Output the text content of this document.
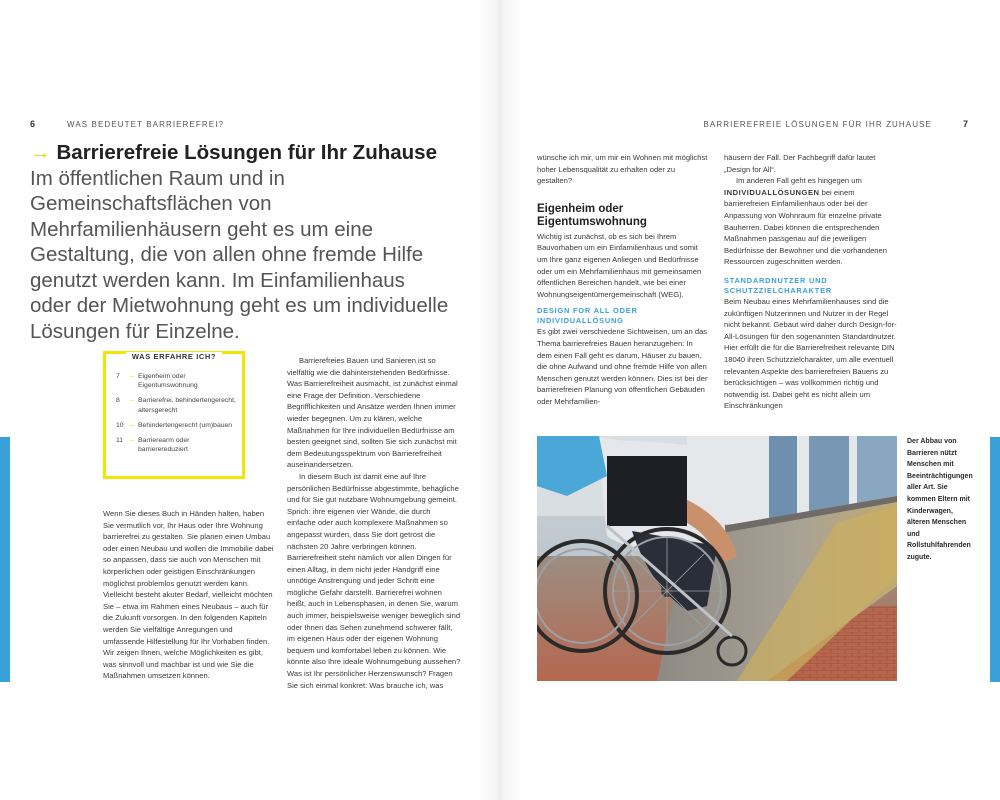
6	WAS BEDEUTET BARRIEREFREI?	BARRIEREFREIE LÖSUNGEN FÜR IHR ZUHAUSE	7
→ Barrierefreie Lösungen für Ihr Zuhause Im öffentlichen Raum und in Gemeinschaftsflächen von Mehrfamilienhäusern geht es um eine Gestaltung, die von allen ohne fremde Hilfe genutzt werden kann. Im Einfamilienhaus oder der Mietwohnung geht es um individuelle Lösungen für Einzelne.
WAS ERFAHRE ICH?
7	→ Eigenheim oder Eigentumswohnung
8	→ Barrierefrei, behindertengerecht, altersgerecht
10 → Behindertengerecht (um)bauen
11 → Barrierearm oder barrierereduziert

Wenn Sie dieses Buch in Händen halten, haben Sie vermutlich vor, Ihr Haus oder Ihre Wohnung barrierefrei zu gestalten. Sie planen einen Umbau oder einen Neubau und wollen die Immobilie dabei so anpassen, dass sie auch von Menschen mit körperlichen oder geistigen Einschränkungen möglichst problemlos genutzt werden kann. Vielleicht besteht akuter Bedarf, vielleicht möchten Sie – etwa im Rahmen eines Neubaus – auch für die Zukunft vorsorgen. In den folgenden Kapiteln werden Sie vielfältige Anregungen und umfassende Hilfestellung für Ihr Vorhaben finden. Wir zeigen Ihnen, welche Möglichkeiten es gibt, was sinnvoll und machbar ist und wie Sie die Maßnahmen umsetzen können.

Barrierefreies Bauen und Sanieren ist so vielfältig wie die dahinterstehenden Bedürfnisse. Was Barrierefreiheit ausmacht, ist zunächst einmal eine Frage der Definition. Verschiedene Begrifflichkeiten und Ansätze werden Ihnen immer wieder begegnen. Um zu klären, welche Maßnahmen für Ihre individuellen Bedürfnisse am besten geeignet sind, sollten Sie sich zunächst mit dem Bedeutungsspektrum von Barrierefreiheit auseinandersetzen.

In diesem Buch ist damit eine auf Ihre persönlichen Bedürfnisse abgestimmte, behagliche und für Sie gut nutzbare Wohnumgebung gemeint. Sprich: ihre eigenen vier Wände, die durch einfache oder auch komplexere Maßnahmen so angepasst wurden, dass Sie dort getrost die nächsten 20 Jahre verbringen können. Barrierefreiheit steht nämlich vor allen Dingen für einen Alltag, in dem nicht jeder Handgriff eine unnötige Anstrengung und jeder Schritt eine mögliche Gefahr darstellt. Barrierefrei wohnen heißt, auch in Lebensphasen, in denen Sie, warum auch immer, beispielsweise weniger beweglich sind oder Ihnen das Sehen zunehmend schwerer fällt, im eigenen Haus oder der eigenen Wohnung bequem und komfortabel leben zu können. Wie könnte also Ihre ideale Wohnumgebung aussehen? Was ist Ihr persönlicher Herzenswunsch? Fragen Sie sich einmal konkret: Was brauche ich, was

wünsche ich mir, um mir ein Wohnen mit möglichst hoher Lebensqualität zu erhalten oder zu gestalten?

Eigenheim oder Eigentumswohnung

Wichtig ist zunächst, ob es sich bei Ihrem Bauvorhaben um ein Einfamilienhaus und somit um Ihre ganz eigenen Anliegen und Bedürfnisse oder um ein Mehrfamilienhaus mit gemeinsamen öffentlichen Bereichen handelt, wie bei einer Wohnungseigentümergemeinschaft (WEG).

DESIGN FOR ALL ODER INDIVIDUALLÖSUNG

Es gibt zwei verschiedene Sichtweisen, um an das Thema barrierefreies Bauen heranzugehen: In dem einen Fall geht es darum, Häuser zu bauen, die ohne Aufwand und ohne fremde Hilfe von allen Menschen genutzt werden können. Dies ist bei der barrierefreien Planung von öffentlichen Gebäuden oder Mehrfamilien-

häusern der Fall. Der Fachbegriff dafür lautet „Design for All“.

Im anderen Fall geht es hingegen um INDIVIDUALLÖSUNGEN bei einem barrierefreien Einfamilienhaus oder bei der Anpassung von Wohnraum für einzelne private Bauherren. Dabei können die entsprechenden Maßnahmen passgenau auf die jeweiligen Bedürfnisse der Bewohner und die vorhandenen Ressourcen zugeschnitten werden.

STANDARDNUTZER UND SCHUTZZIELCHARAKTER

Beim Neubau eines Mehrfamilienhauses sind die zukünftigen Nutzerinnen und Nutzer in der Regel nicht bekannt. Gebaut wird daher durch Design-for-All-Lösungen für den sogenannten Standardnutzer. Hier erfüllt die für die Barrierefreiheit relevante DIN 18040 ihren Schutzzielcharakter, um alle eventuell relevanten Aspekte des barrierefreien Bauens zu berücksichtigen – was vollkommen richtig und notwendig ist. Dabei geht es nicht allein um Einschränkungen

Der Abbau von Barrieren nützt Menschen mit Beeinträchtigungen aller Art. Sie kommen Eltern mit Kinderwagen, älteren Menschen und Rollstuhlfahrenden zugute.
